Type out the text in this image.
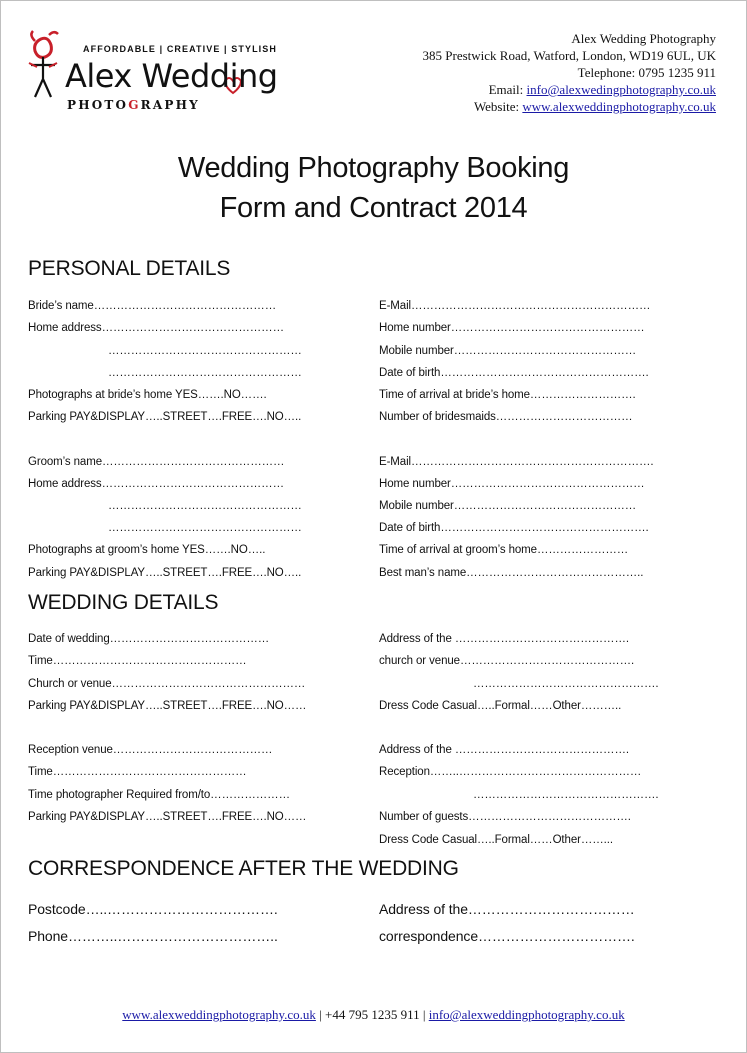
AFFORDABLE | CREATIVE | STYLISH
Alex Wedding
PHOTOGRAPHY
Alex Wedding Photography
385 Prestwick Road, Watford, London, WD19 6UL, UK
Telephone: 0795 1235 911
Email: info@alexwedingphotography.co.uk
Website: www.alexweddingphotography.co.uk
Wedding Photography Booking
Form and Contract 2014
PERSONAL DETAILS
Bride’s name…………………………………………
Home address…………………………………………
……………………………………………
……………………………………………
Photographs at bride’s home YES…….NO…….
Parking PAY&DISPLAY…..STREET….FREE….NO…..
E-Mail………………………………………………………
Home number……………………………………………
Mobile number…………………………………………
Date of birth……………………………………………….
Time of arrival at bride’s home……………………….
Number of bridesmaids………………………………
Groom’s name…………………………………………
Home address…………………………………………
……………………………………………
……………………………………………
Photographs at groom’s home YES…….NO…..
Parking PAY&DISPLAY…..STREET….FREE….NO…..
E-Mail……………………………………………………….
Home number……………………………………………
Mobile number…………………………………………
Date of birth……………………………………………….
Time of arrival at groom’s home……………………
Best man’s name………………………………………..
WEDDING DETAILS
Date of wedding……………………………………
Time……………………………………………
Church or venue……………………………………………
Parking PAY&DISPLAY…..STREET….FREE….NO……
Address of the ……………………………………….
church or venue……………………………………….
………………………………………….
Dress Code Casual…..Formal……Other………..
Reception venue……………………………………
Time……………………………………………
Time photographer Required from/to…………………
Parking PAY&DISPLAY…..STREET….FREE….NO……
Address of the ……………………………………….
Reception……..…………………………………………
………………………………………….
Number of guests…………………………………….
Dress Code Casual…..Formal……Other……...
CORRESPONDENCE AFTER THE WEDDING
Postcode…..……………………………….
Phone………..……………………………..
Address of the………………………………
correspondence…………………………….
www.alexweddingphotography.co.uk | +44 795 1235 911 | info@alexweddingphotography.co.uk
